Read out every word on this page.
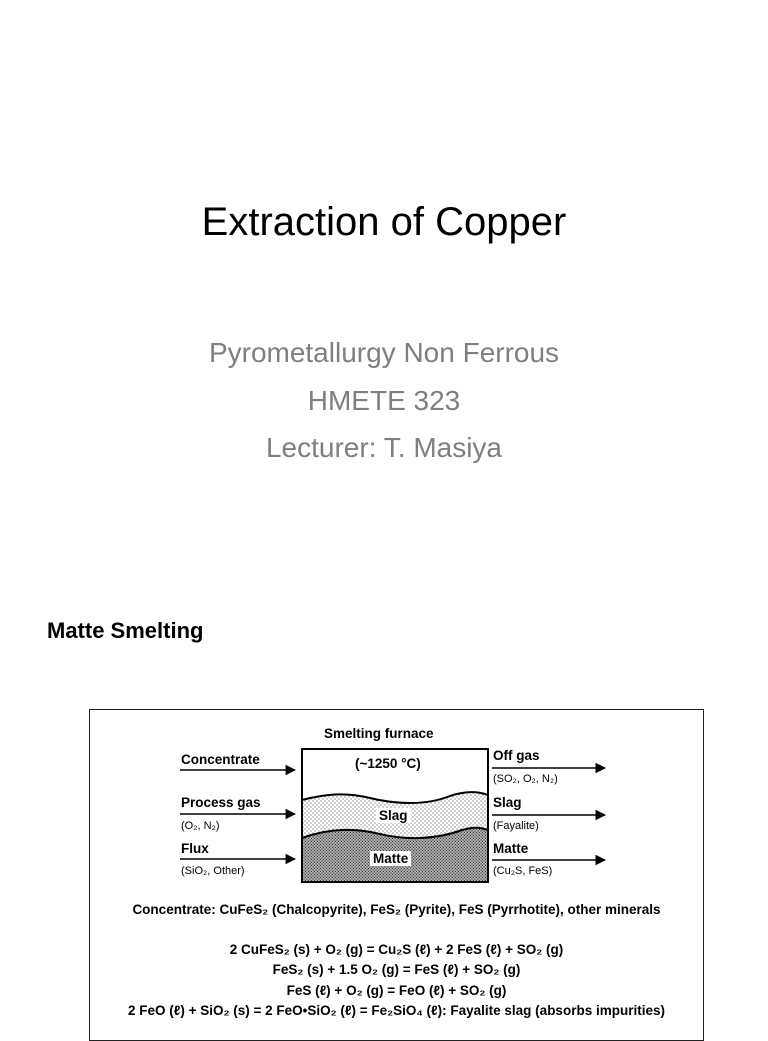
Extraction of Copper
Pyrometallurgy Non Ferrous
HMETE 323
Lecturer: T. Masiya
Matte Smelting
Smelting furnace
(~1250 °C)
Slag
Matte
Concentrate
Process gas
(O₂, N₂)
Flux
(SiO₂, Other)
Off gas
(SO₂, O₂, N₂)
Slag
(Fayalite)
Matte
(Cu₂S, FeS)
Concentrate: CuFeS₂ (Chalcopyrite), FeS₂ (Pyrite), FeS (Pyrrhotite), other minerals
2 CuFeS₂ (s) + O₂ (g) = Cu₂S (ℓ) + 2 FeS (ℓ) + SO₂ (g)
FeS₂ (s) + 1.5 O₂ (g) = FeS (ℓ) + SO₂ (g)
FeS (ℓ) + O₂ (g) = FeO (ℓ) + SO₂ (g)
2 FeO (ℓ) + SiO₂ (s) = 2 FeO•SiO₂ (ℓ) = Fe₂SiO₄ (ℓ): Fayalite slag (absorbs impurities)
